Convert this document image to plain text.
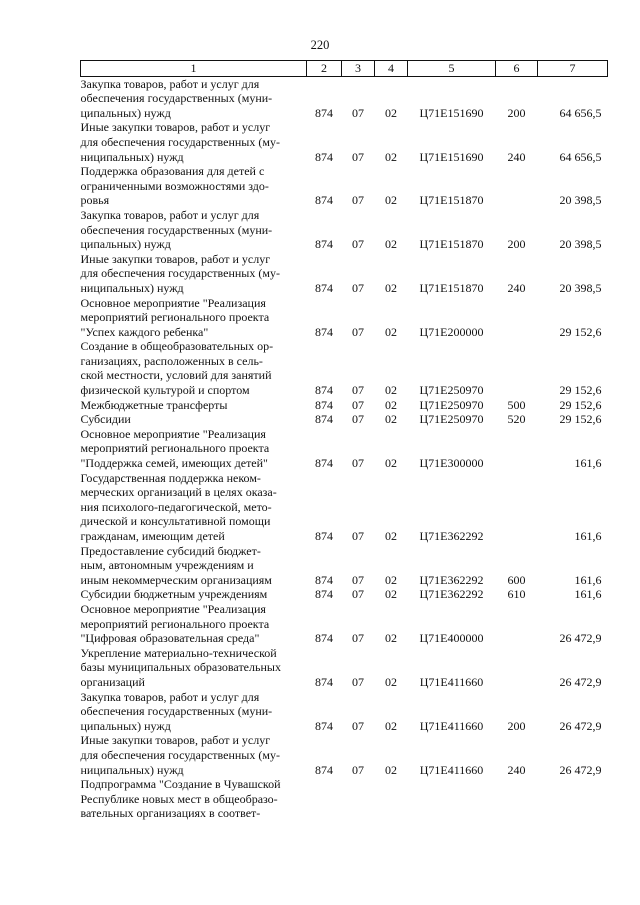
220
1	2	3	4	5	6	7

Закупка товаров, работ и услуг для
обеспечения государственных (муни-
ципальных) нужд	874	07	02	Ц71E151690	200	64 656,5

Иные закупки товаров, работ и услуг
для обеспечения государственных (му-
ниципальных) нужд	874	07	02	Ц71E151690	240	64 656,5

Поддержка образования для детей с
ограниченными возможностями здо-
ровья	874	07	02	Ц71E151870		20 398,5

Закупка товаров, работ и услуг для
обеспечения государственных (муни-
ципальных) нужд	874	07	02	Ц71E151870	200	20 398,5

Иные закупки товаров, работ и услуг
для обеспечения государственных (му-
ниципальных) нужд	874	07	02	Ц71E151870	240	20 398,5

Основное мероприятие "Реализация
мероприятий регионального проекта
"Успех каждого ребенка"	874	07	02	Ц71E200000		29 152,6

Создание в общеобразовательных ор-
ганизациях, расположенных в сель-
ской местности, условий для занятий
физической культурой и спортом	874	07	02	Ц71E250970		29 152,6

Межбюджетные трансферты	874	07	02	Ц71E250970	500	29 152,6

Субсидии	874	07	02	Ц71E250970	520	29 152,6

Основное мероприятие "Реализация
мероприятий регионального проекта
"Поддержка семей, имеющих детей"	874	07	02	Ц71E300000		161,6

Государственная поддержка неком-
мерческих организаций в целях оказа-
ния психолого-педагогической, мето-
дической и консультативной помощи
гражданам, имеющим детей	874	07	02	Ц71E362292		161,6

Предоставление субсидий бюджет-
ным, автономным учреждениям и
иным некоммерческим организациям	874	07	02	Ц71E362292	600	161,6

Субсидии бюджетным учреждениям	874	07	02	Ц71E362292	610	161,6

Основное мероприятие "Реализация
мероприятий регионального проекта
"Цифровая образовательная среда"	874	07	02	Ц71E400000		26 472,9

Укрепление материально-технической
базы муниципальных образовательных
организаций	874	07	02	Ц71E411660		26 472,9

Закупка товаров, работ и услуг для
обеспечения государственных (муни-
ципальных) нужд	874	07	02	Ц71E411660	200	26 472,9

Иные закупки товаров, работ и услуг
для обеспечения государственных (му-
ниципальных) нужд	874	07	02	Ц71E411660	240	26 472,9

Подпрограмма "Создание в Чувашской
Республике новых мест в общеобразо-
вательных организациях в соответ-						
